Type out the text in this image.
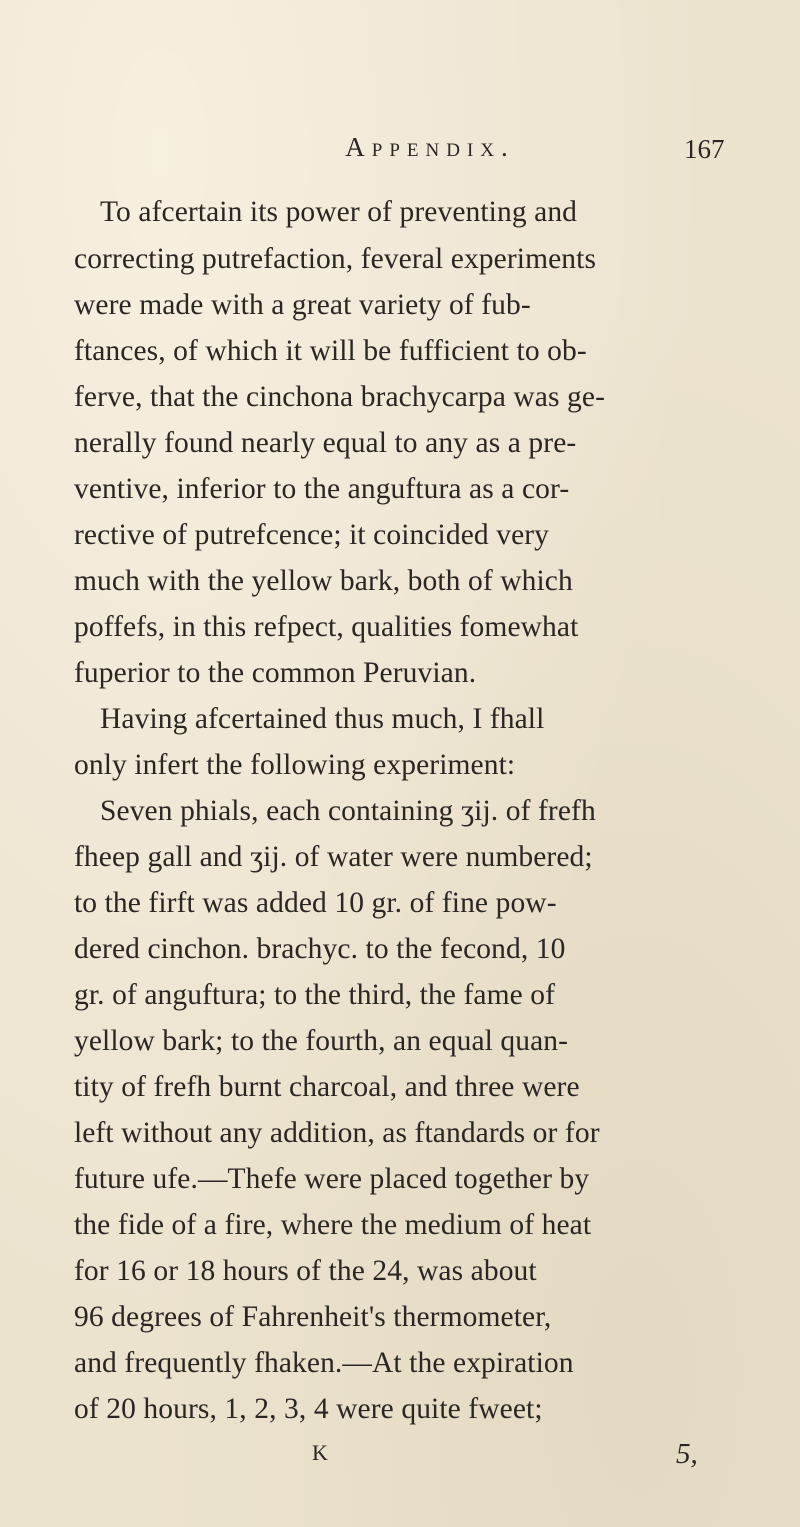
Appendix.	167
To afcertain its power of preventing and
correcting putrefaction, feveral experiments
were made with a great variety of fub-
ftances, of which it will be fufficient to ob-
ferve, that the cinchona brachycarpa was ge-
nerally found nearly equal to any as a pre-
ventive, inferior to the anguftura as a cor-
rective of putrefcence; it coincided very
much with the yellow bark, both of which
poffefs, in this refpect, qualities fomewhat
fuperior to the common Peruvian.
Having afcertained thus much, I fhall
only infert the following experiment:
Seven phials, each containing ʒij. of frefh
fheep gall and ʒij. of water were numbered;
to the firft was added 10 gr. of fine pow-
dered cinchon. brachyc. to the fecond, 10
gr. of anguftura; to the third, the fame of
yellow bark; to the fourth, an equal quan-
tity of frefh burnt charcoal, and three were
left without any addition, as ftandards or for
future ufe.—Thefe were placed together by
the fide of a fire, where the medium of heat
for 16 or 18 hours of the 24, was about
96 degrees of Fahrenheit's thermometer,
and frequently fhaken.—At the expiration
of 20 hours, 1, 2, 3, 4 were quite fweet;
K	5,
